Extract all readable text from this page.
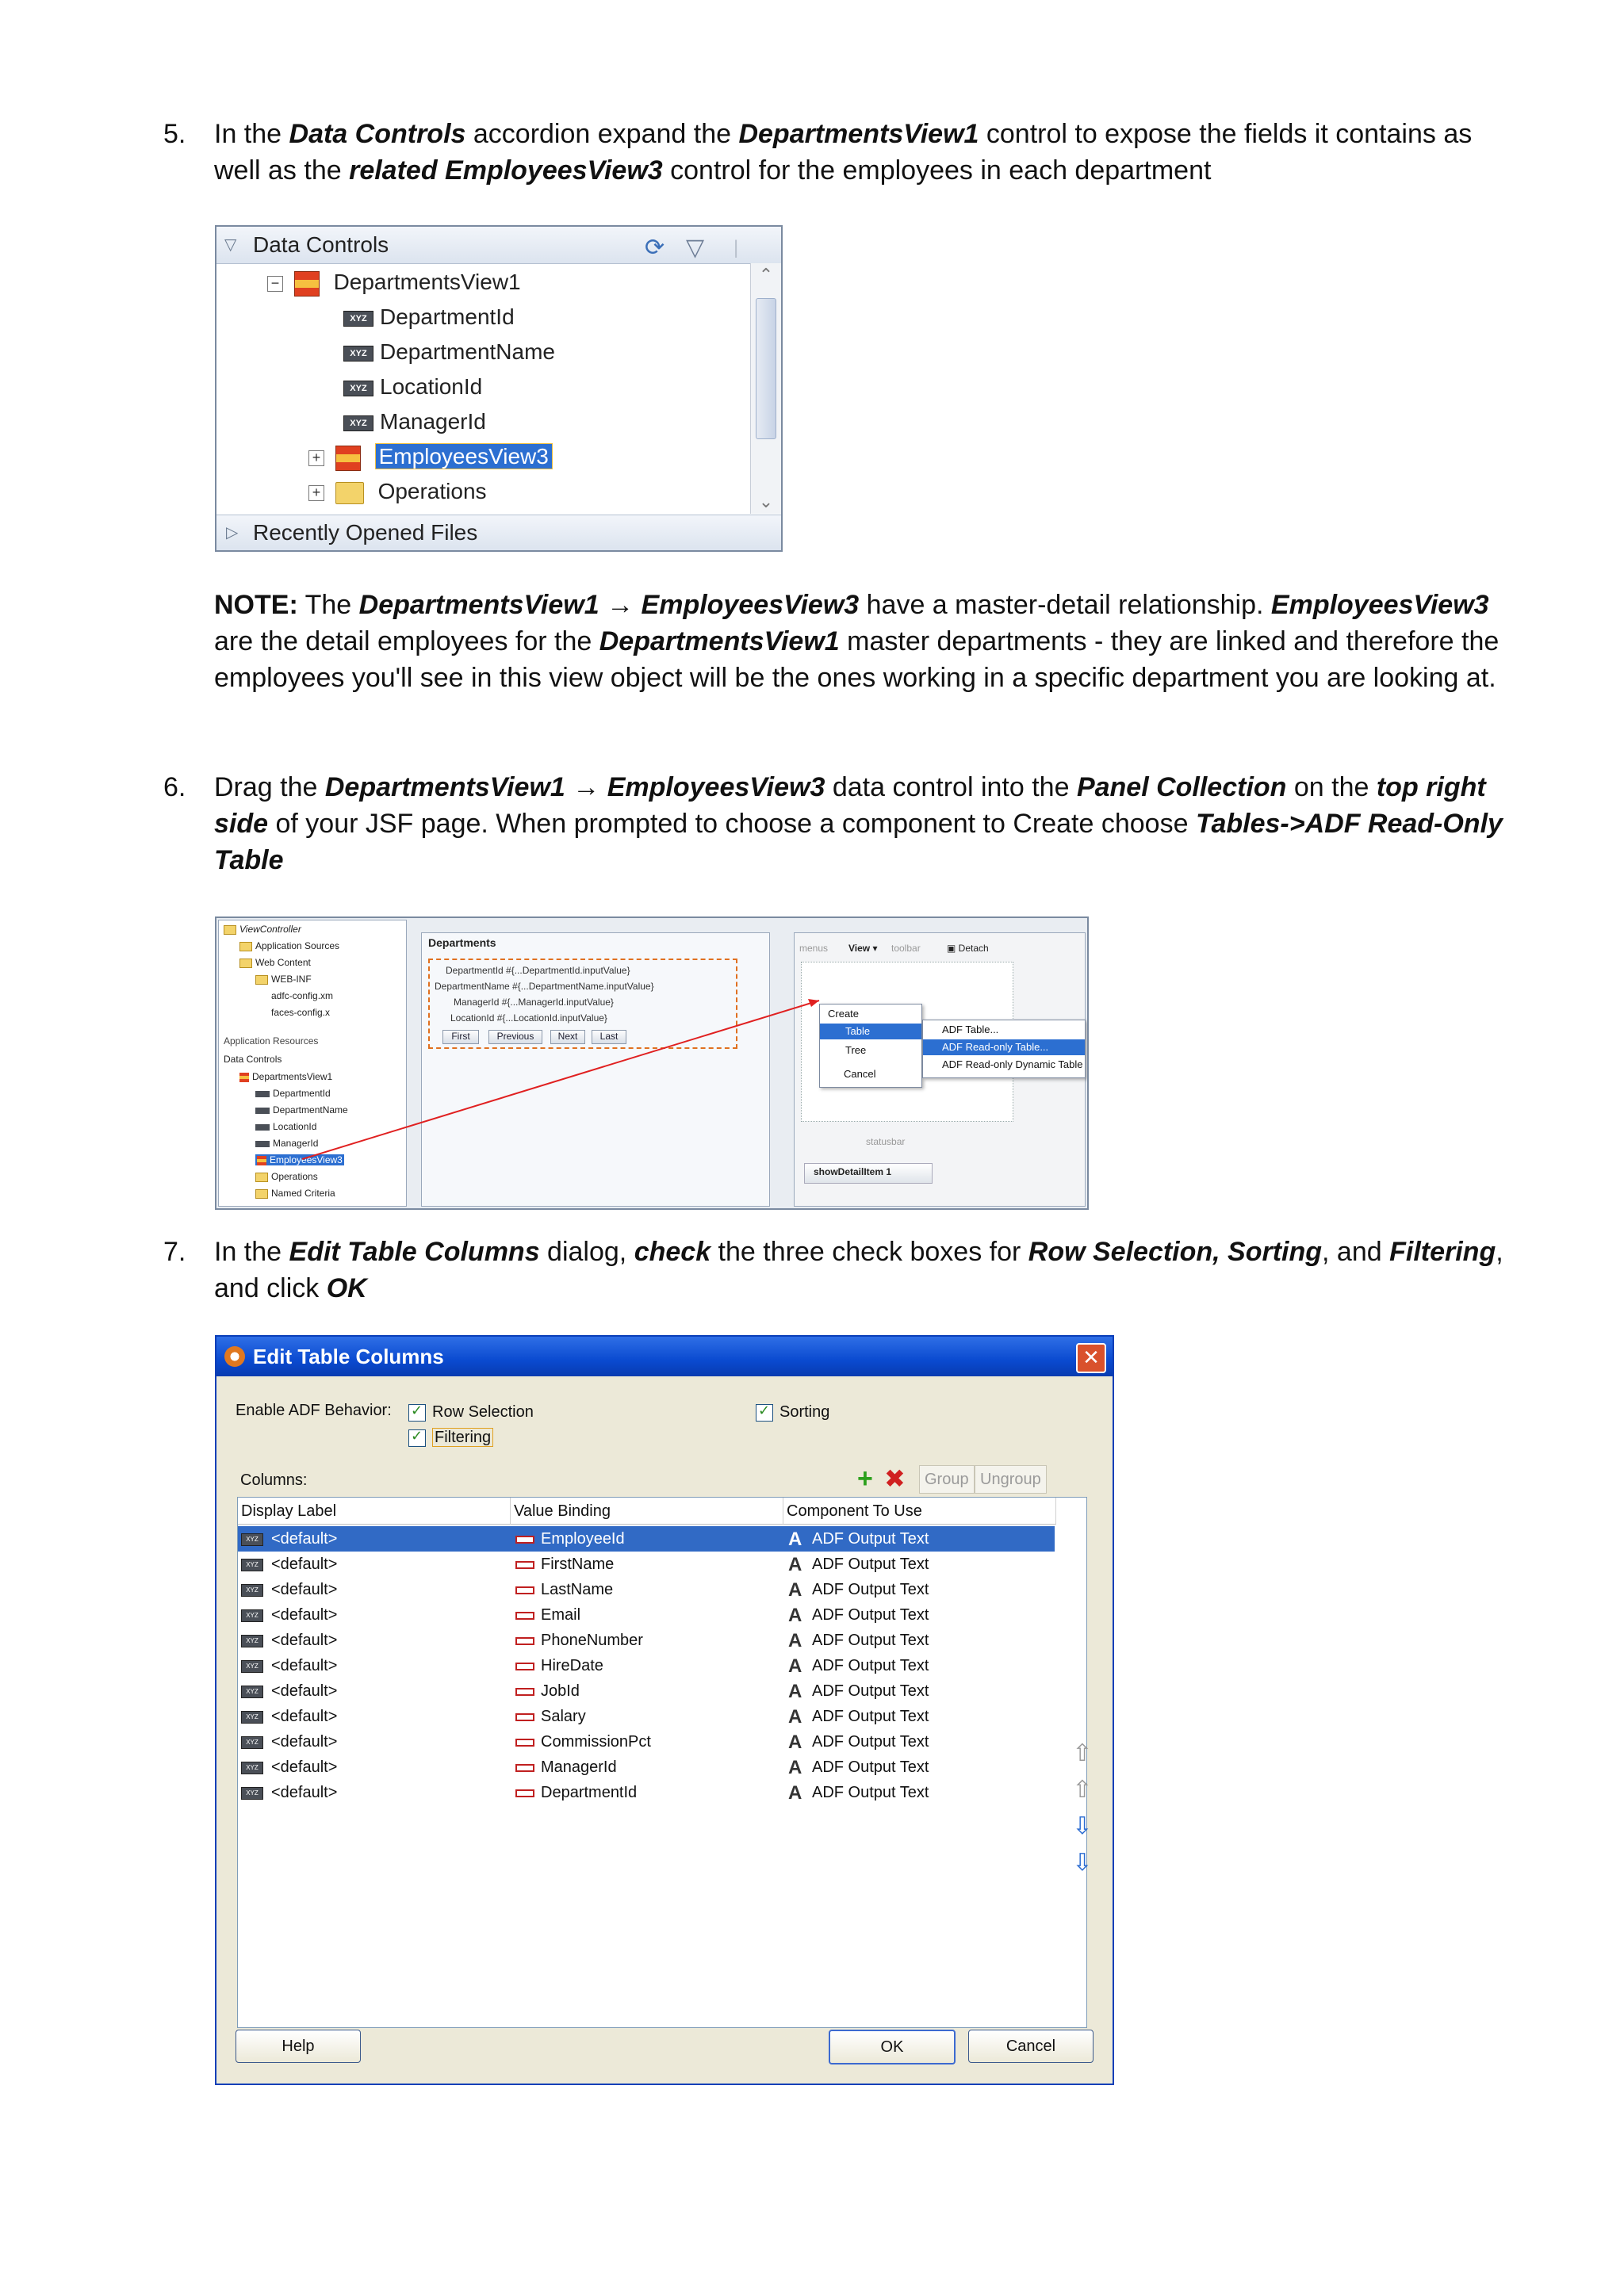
5. In the Data Controls accordion expand the DepartmentsView1 control to expose the fields it contains as well as the related EmployeesView3 control for the employees in each department
▽ Data Controls	⟳ ▽ |
− DepartmentsView1
XYZ DepartmentId
XYZ DepartmentName
XYZ LocationId
XYZ ManagerId
+	EmployeesView3
+	Operations
⌃
⌄
▷ Recently Opened Files
NOTE: The DepartmentsView1 → EmployeesView3 have a master-detail relationship. EmployeesView3 are the detail employees for the DepartmentsView1 master departments - they are linked and therefore the employees you'll see in this view object will be the ones working in a specific department you are looking at.
6. Drag the DepartmentsView1 → EmployeesView3 data control into the Panel Collection on the top right side of your JSF page. When prompted to choose a component to Create choose Tables->ADF Read-Only Table
ViewController
Application Sources
Web Content
WEB-INF
adfc-config.xm
faces-config.x
Application Resources
Data Controls
DepartmentsView1
DepartmentId
DepartmentName
LocationId
ManagerId
EmployeesView3
Operations
Named Criteria
Departments
DepartmentId #{...DepartmentId.inputValue}
DepartmentName #{...DepartmentName.inputValue}
ManagerId #{...ManagerId.inputValue}
LocationId #{...LocationId.inputValue}
First	Previous	Next	Last
menus View ▾ toolbar	▣ Detach
statusbar
showDetailItem 1
Create
Table
Tree
Cancel
ADF Table...
ADF Read-only Table...
ADF Read-only Dynamic Table
7. In the Edit Table Columns dialog, check the three check boxes for Row Selection, Sorting, and Filtering, and click OK
Edit Table Columns	✕
Enable ADF Behavior: ✓	Row Selection ✓	Sorting
✓Filtering
Columns:	+ ✖	Group Ungroup
Display Label	Value Binding	Component To Use
XYZ <default>	EmployeeId	A ADF Output Text
XYZ <default>	FirstName	A ADF Output Text
XYZ <default>	LastName	A ADF Output Text
XYZ <default>	Email	A ADF Output Text
XYZ <default>	PhoneNumber	A ADF Output Text
XYZ <default>	HireDate	A ADF Output Text
XYZ <default>	JobId	A ADF Output Text
XYZ <default>	Salary	A ADF Output Text
XYZ <default>	CommissionPct	A ADF Output Text
XYZ <default>	ManagerId	A ADF Output Text
XYZ <default>	DepartmentId	A ADF Output Text
⇧
⇧
⇩
⇩
Help	OK	Cancel
